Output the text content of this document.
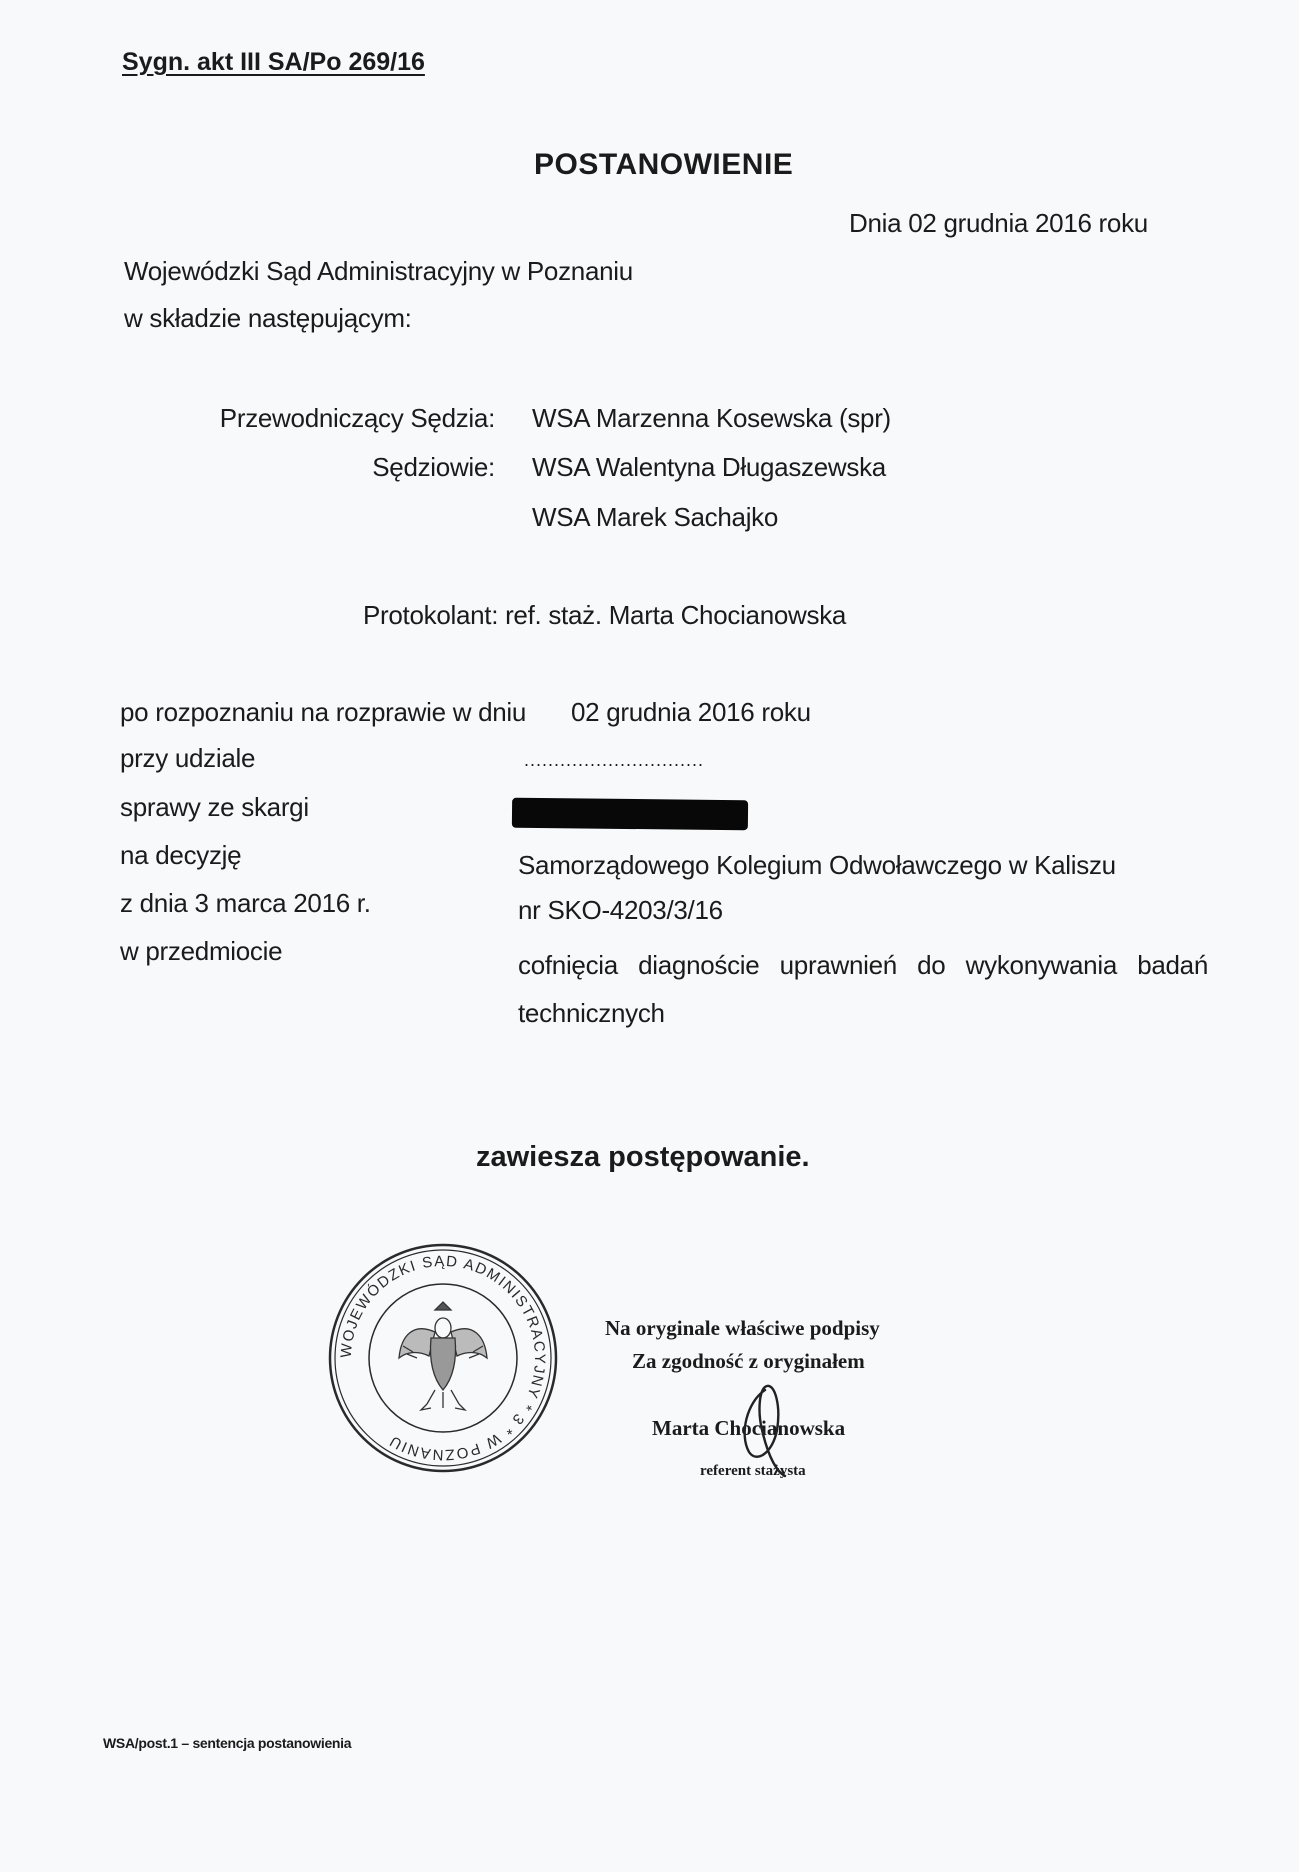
Sygn. akt III SA/Po 269/16
POSTANOWIENIE
Dnia 02 grudnia 2016 roku
Wojewódzki Sąd Administracyjny w Poznaniu
w składzie następującym:
Przewodniczący Sędzia: WSA Marzenna Kosewska (spr)
Sędziowie: WSA Walentyna Długaszewska
WSA Marek Sachajko
Protokolant: ref. staż. Marta Chocianowska
po rozpoznaniu na rozprawie w dniu 02 grudnia 2016 roku
przy udziale	..............................
sprawy ze skargi
na decyzję	Samorządowego Kolegium Odwoławczego w Kaliszu
z dnia 3 marca 2016 r.	nr SKO-4203/3/16
w przedmiocie	cofnięcia diagnoście uprawnień do wykonywania badań technicznych
zawiesza postępowanie.
WOJEWÓDZKI SĄD ADMINISTRACYJNY * 3 * W POZNANIU
Na oryginale właściwe podpisy
Za zgodność z oryginałem
Marta Chocianowska
referent stażysta
WSA/post.1 – sentencja postanowienia
